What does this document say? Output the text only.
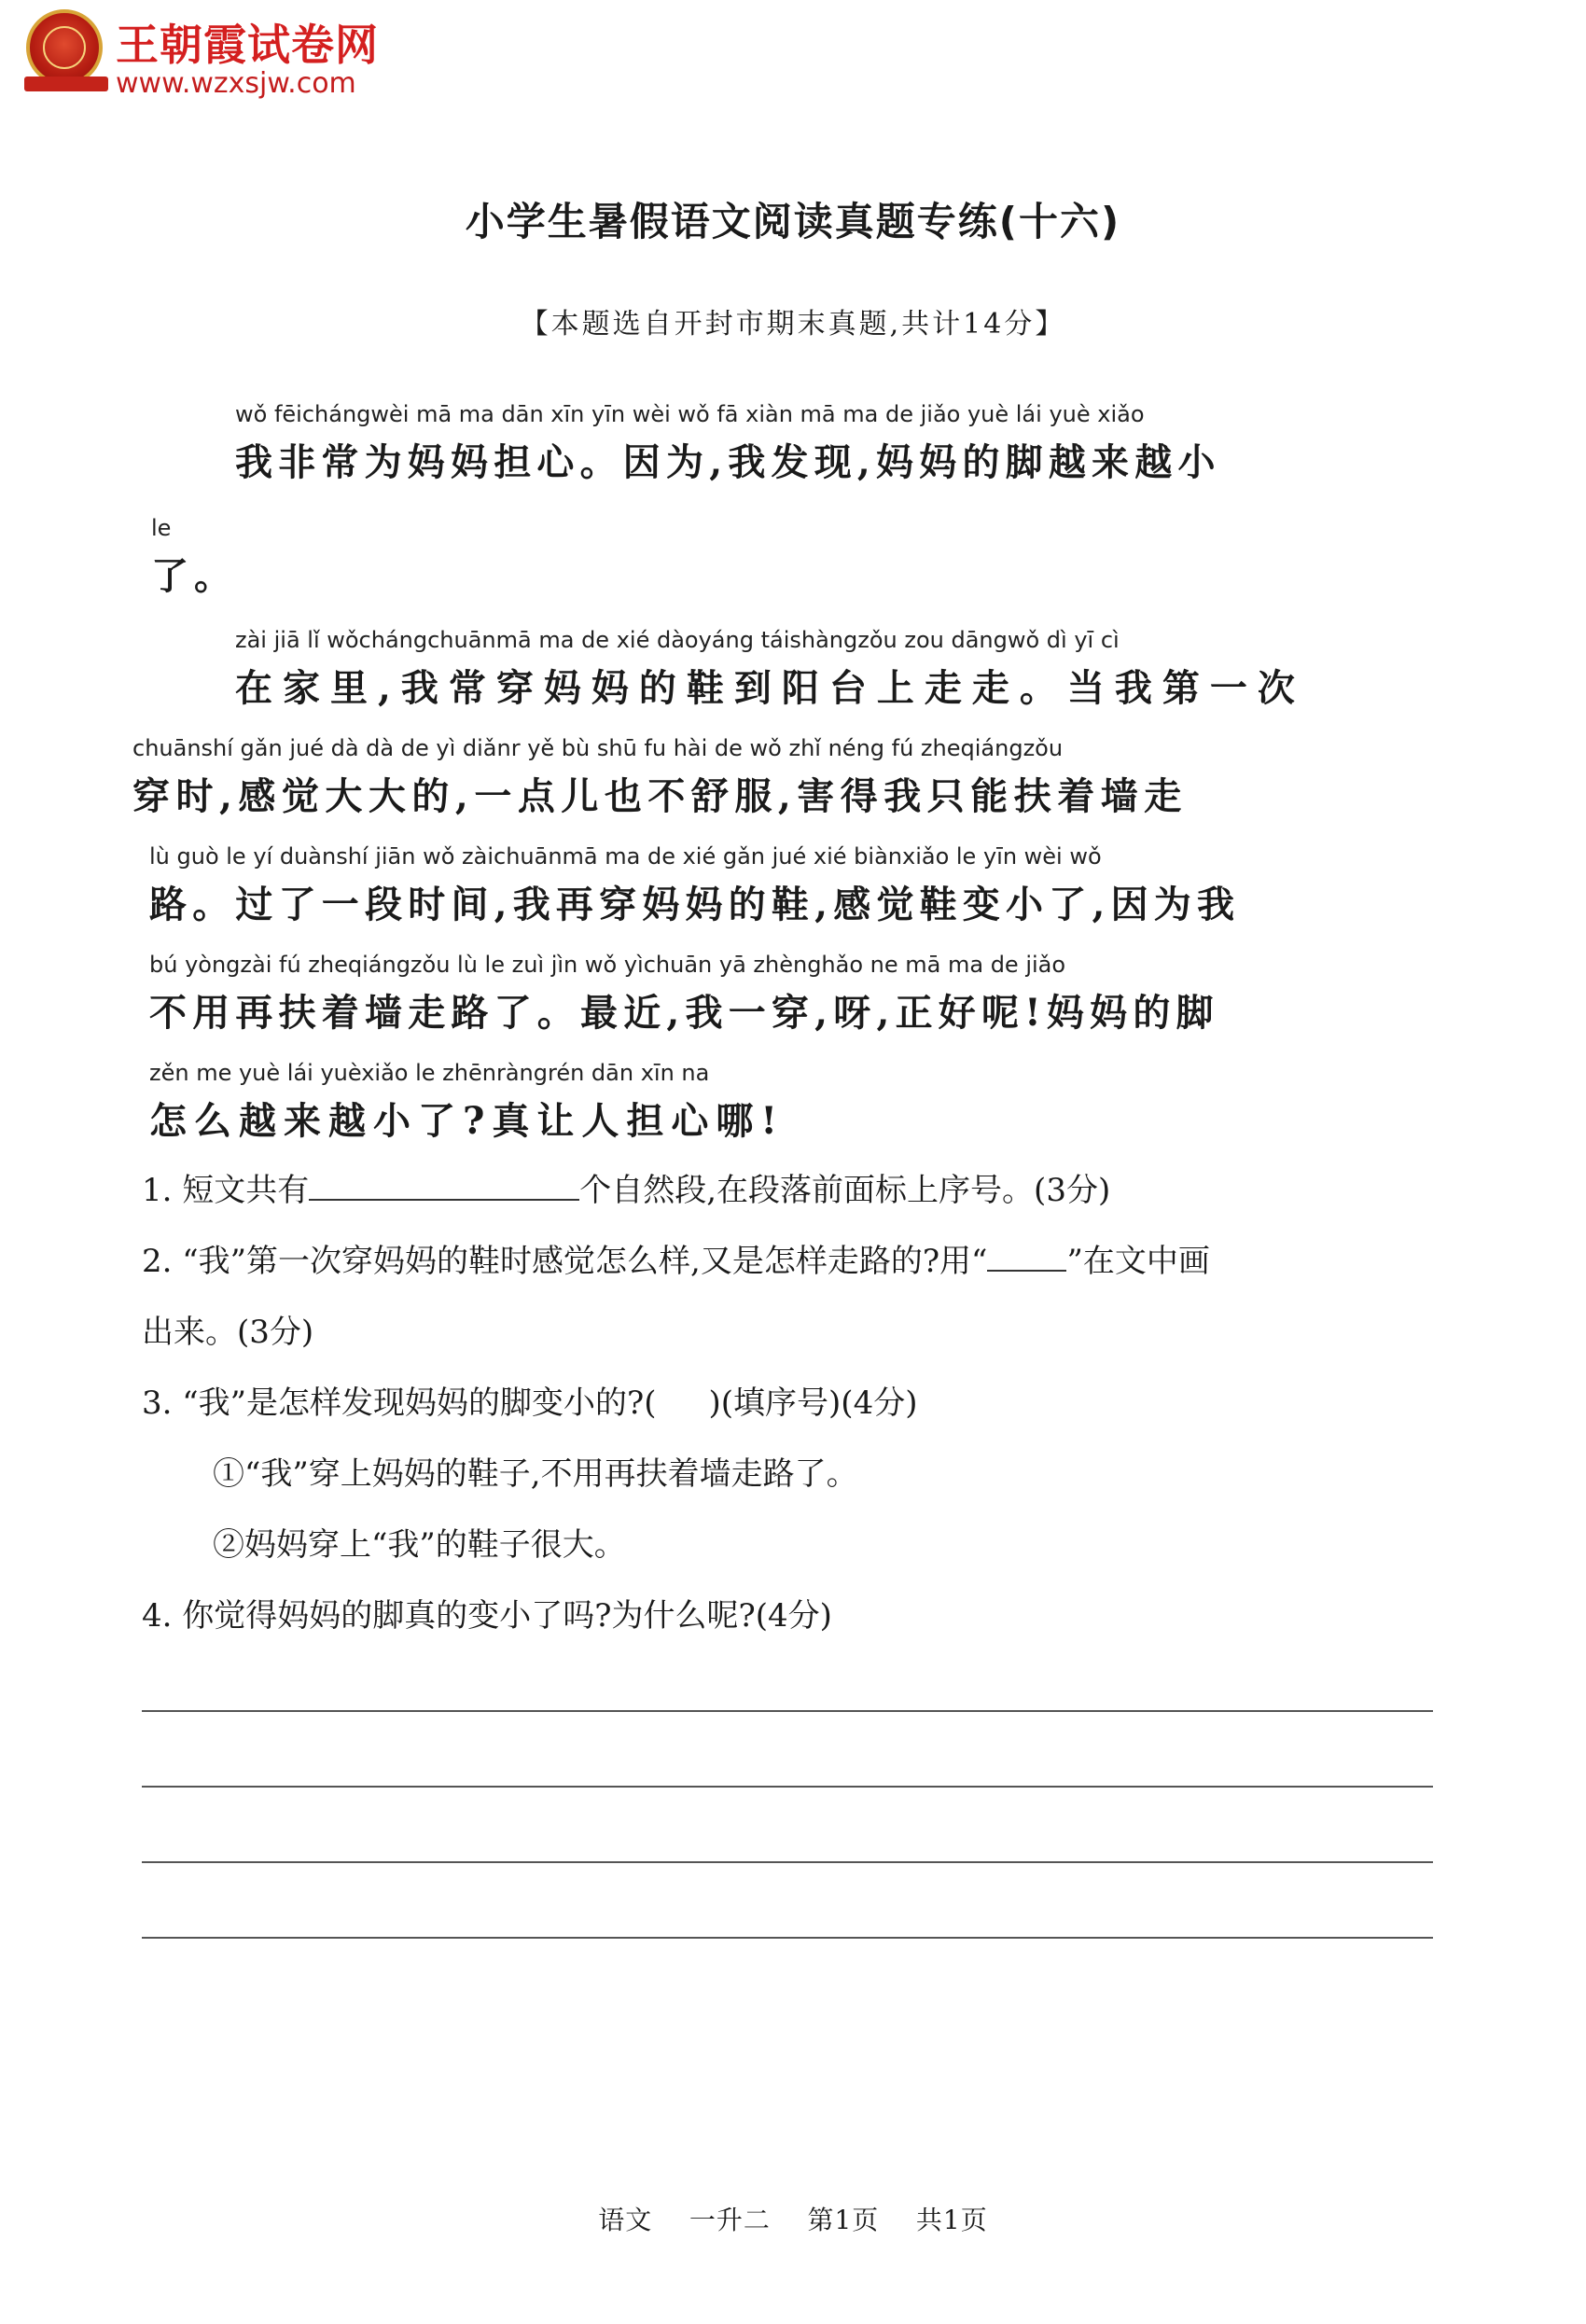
王朝霞试卷网
www.wzxsjw.com
小学生暑假语文阅读真题专练(十六)
【本题选自开封市期末真题,共计14分】
wǒ fēichángwèi mā ma dān xīn yīn wèi wǒ fā xiàn mā ma de jiǎo yuè lái yuè xiǎo
我非常为妈妈担心。因为,我发现,妈妈的脚越来越小
le
了。
zài jiā lǐ wǒchángchuānmā ma de xié dàoyáng táishàngzǒu zou dāngwǒ dì yī cì
在家里,我常穿妈妈的鞋到阳台上走走。当我第一次
chuānshí gǎn jué dà dà de yì diǎnr yě bù shū fu hài de wǒ zhǐ néng fú zheqiángzǒu
穿时,感觉大大的,一点儿也不舒服,害得我只能扶着墙走
lù guò le yí duànshí jiān wǒ zàichuānmā ma de xié gǎn jué xié biànxiǎo le yīn wèi wǒ
路。过了一段时间,我再穿妈妈的鞋,感觉鞋变小了,因为我
bú yòngzài fú zheqiángzǒu lù le zuì jìn wǒ yìchuān yā zhènghǎo ne mā ma de jiǎo
不用再扶着墙走路了。最近,我一穿,呀,正好呢!妈妈的脚
zěn me yuè lái yuèxiǎo le zhēnràngrén dān xīn na
怎么越来越小了?真让人担心哪!
1. 短文共有	个自然段,在段落前面标上序号。(3分)
2. “我”第一次穿妈妈的鞋时感觉怎么样,又是怎样走路的?用“	”在文中画
出来。(3分)
3. “我”是怎样发现妈妈的脚变小的?( )(填序号)(4分)
①“我”穿上妈妈的鞋子,不用再扶着墙走路了。
②妈妈穿上“我”的鞋子很大。
4. 你觉得妈妈的脚真的变小了吗?为什么呢?(4分)
语文    一升二    第1页    共1页
